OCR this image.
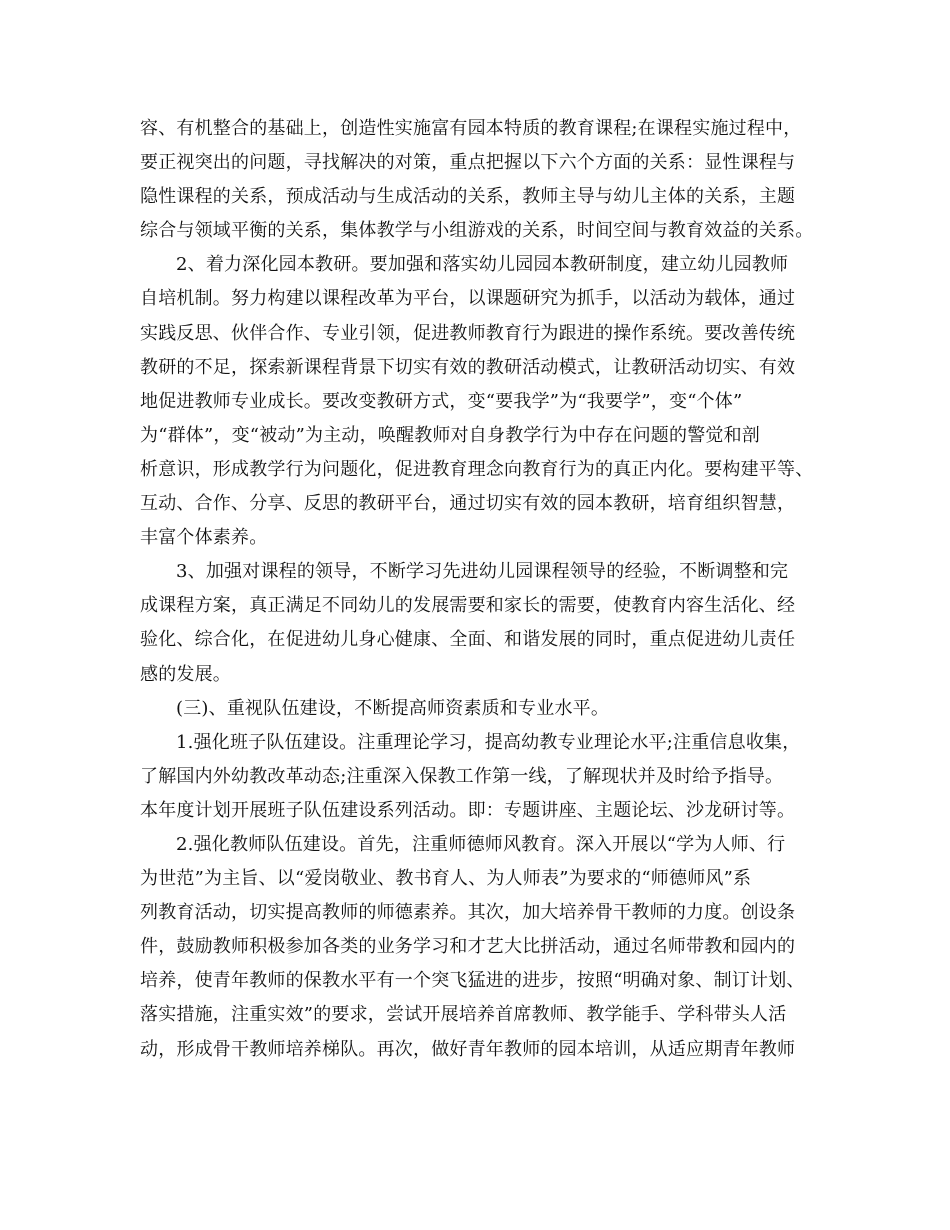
容、有机整合的基础上，创造性实施富有园本特质的教育课程;在课程实施过程中，
要正视突出的问题，寻找解决的对策，重点把握以下六个方面的关系：显性课程与
隐性课程的关系，预成活动与生成活动的关系，教师主导与幼儿主体的关系，主题
综合与领域平衡的关系，集体教学与小组游戏的关系，时间空间与教育效益的关系。
2、着力深化园本教研。要加强和落实幼儿园园本教研制度，建立幼儿园教师
自培机制。努力构建以课程改革为平台，以课题研究为抓手，以活动为载体，通过
实践反思、伙伴合作、专业引领，促进教师教育行为跟进的操作系统。要改善传统
教研的不足，探索新课程背景下切实有效的教研活动模式，让教研活动切实、有效
地促进教师专业成长。要改变教研方式，变“要我学”为“我要学”，变“个体”
为“群体”，变“被动”为主动，唤醒教师对自身教学行为中存在问题的警觉和剖
析意识，形成教学行为问题化，促进教育理念向教育行为的真正内化。要构建平等、
互动、合作、分享、反思的教研平台，通过切实有效的园本教研，培育组织智慧，
丰富个体素养。
3、加强对课程的领导，不断学习先进幼儿园课程领导的经验，不断调整和完
成课程方案，真正满足不同幼儿的发展需要和家长的需要，使教育内容生活化、经
验化、综合化，在促进幼儿身心健康、全面、和谐发展的同时，重点促进幼儿责任
感的发展。
(三)、重视队伍建设，不断提高师资素质和专业水平。
1.强化班子队伍建设。注重理论学习，提高幼教专业理论水平;注重信息收集，
了解国内外幼教改革动态;注重深入保教工作第一线，了解现状并及时给予指导。
本年度计划开展班子队伍建设系列活动。即：专题讲座、主题论坛、沙龙研讨等。
2.强化教师队伍建设。首先，注重师德师风教育。深入开展以“学为人师、行
为世范”为主旨、以“爱岗敬业、教书育人、为人师表”为要求的“师德师风”系
列教育活动，切实提高教师的师德素养。其次，加大培养骨干教师的力度。创设条
件，鼓励教师积极参加各类的业务学习和才艺大比拼活动，通过名师带教和园内的
培养，使青年教师的保教水平有一个突飞猛进的进步，按照“明确对象、制订计划、
落实措施，注重实效”的要求，尝试开展培养首席教师、教学能手、学科带头人活
动，形成骨干教师培养梯队。再次，做好青年教师的园本培训，从适应期青年教师
